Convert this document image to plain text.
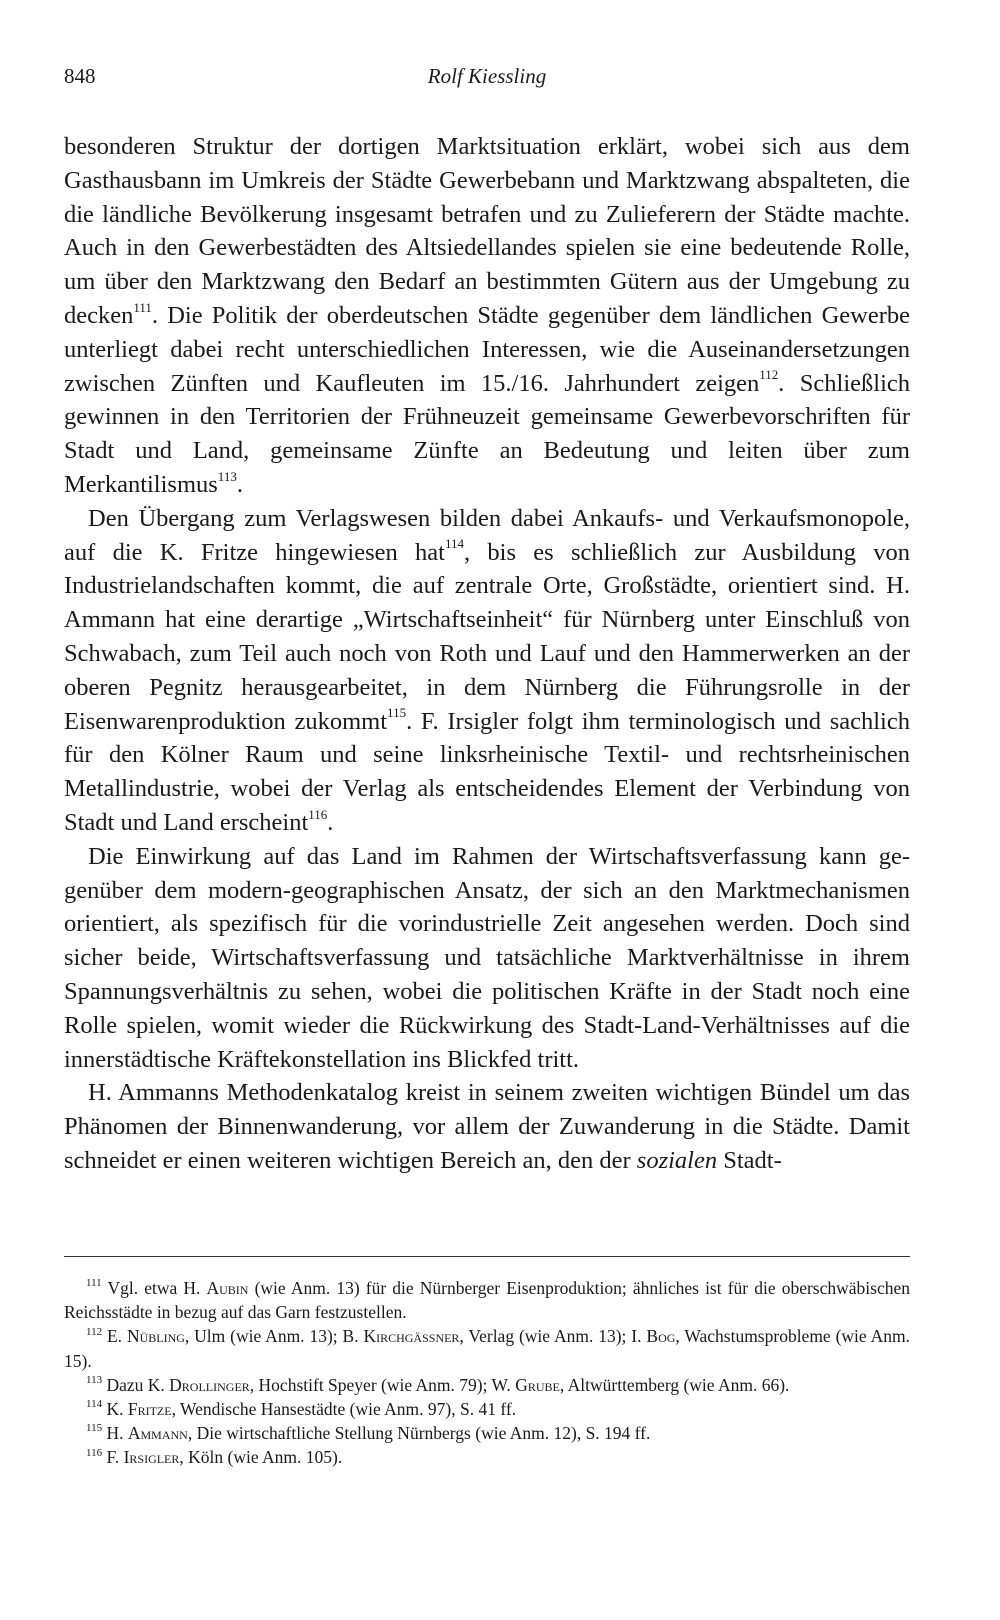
848	Rolf Kiessling

besonderen Struktur der dortigen Marktsituation erklärt, wobei sich aus dem Gasthausbann im Umkreis der Städte Gewerbebann und Marktzwang abspalteten, die die ländliche Bevölkerung insgesamt betrafen und zu Zulieferern der Städte machte. Auch in den Gewerbestädten des Altsiedellandes spielen sie eine bedeutende Rolle, um über den Marktzwang den Bedarf an bestimmten Gütern aus der Umgebung zu decken$^{111}$. Die Politik der oberdeutschen Städte gegenüber dem ländlichen Gewerbe unterliegt dabei recht unterschiedlichen Interessen, wie die Auseinandersetzungen zwischen Zünften und Kaufleuten im 15./16. Jahrhundert zeigen$^{112}$. Schließlich gewinnen in den Territorien der Frühneuzeit gemeinsame Gewerbevorschriften für Stadt und Land, gemeinsame Zünfte an Bedeutung und leiten über zum Merkantilismus$^{113}$.

Den Übergang zum Verlagswesen bilden dabei Ankaufs- und Verkaufsmonopole, auf die K. Fritze hingewiesen hat$^{114}$, bis es schließlich zur Ausbildung von Industrielandschaften kommt, die auf zentrale Orte, Großstädte, orientiert sind. H. Ammann hat eine derartige „Wirtschaftseinheit“ für Nürnberg unter Einschluß von Schwabach, zum Teil auch noch von Roth und Lauf und den Hammerwerken an der oberen Pegnitz herausgearbeitet, in dem Nürnberg die Führungsrolle in der Eisenwarenproduktion zukommt$^{115}$. F. Irsigler folgt ihm terminologisch und sachlich für den Kölner Raum und seine linksrheinische Textil- und rechtsrheinischen Metallindustrie, wobei der Verlag als entscheidendes Element der Verbindung von Stadt und Land erscheint$^{116}$.

Die Einwirkung auf das Land im Rahmen der Wirtschaftsverfassung kann gegenüber dem modern-geographischen Ansatz, der sich an den Marktmechanismen orientiert, als spezifisch für die vorindustrielle Zeit angesehen werden. Doch sind sicher beide, Wirtschaftsverfassung und tatsächliche Marktverhältnisse in ihrem Spannungsverhältnis zu sehen, wobei die politischen Kräfte in der Stadt noch eine Rolle spielen, womit wieder die Rückwirkung des Stadt-Land-Verhältnisses auf die innerstädtische Kräftekonstellation ins Blickfed tritt.

H. Ammanns Methodenkatalog kreist in seinem zweiten wichtigen Bündel um das Phänomen der Binnenwanderung, vor allem der Zuwanderung in die Städte. Damit schneidet er einen weiteren wichtigen Bereich an, den der sozialen Stadt-

$^{111}$ Vgl. etwa H. Aubin (wie Anm. 13) für die Nürnberger Eisenproduktion; ähnliches ist für die oberschwäbischen Reichsstädte in bezug auf das Garn festzustellen.

$^{112}$ E. Nübling, Ulm (wie Anm. 13); B. Kirchgässner, Verlag (wie Anm. 13); I. Bog, Wachstumsprobleme (wie Anm. 15).

$^{113}$ Dazu K. Drollinger, Hochstift Speyer (wie Anm. 79); W. Grube, Altwürttemberg (wie Anm. 66).

$^{114}$ K. Fritze, Wendische Hansestädte (wie Anm. 97), S. 41 ff.

$^{115}$ H. Ammann, Die wirtschaftliche Stellung Nürnbergs (wie Anm. 12), S. 194 ff.

$^{116}$ F. Irsigler, Köln (wie Anm. 105).
